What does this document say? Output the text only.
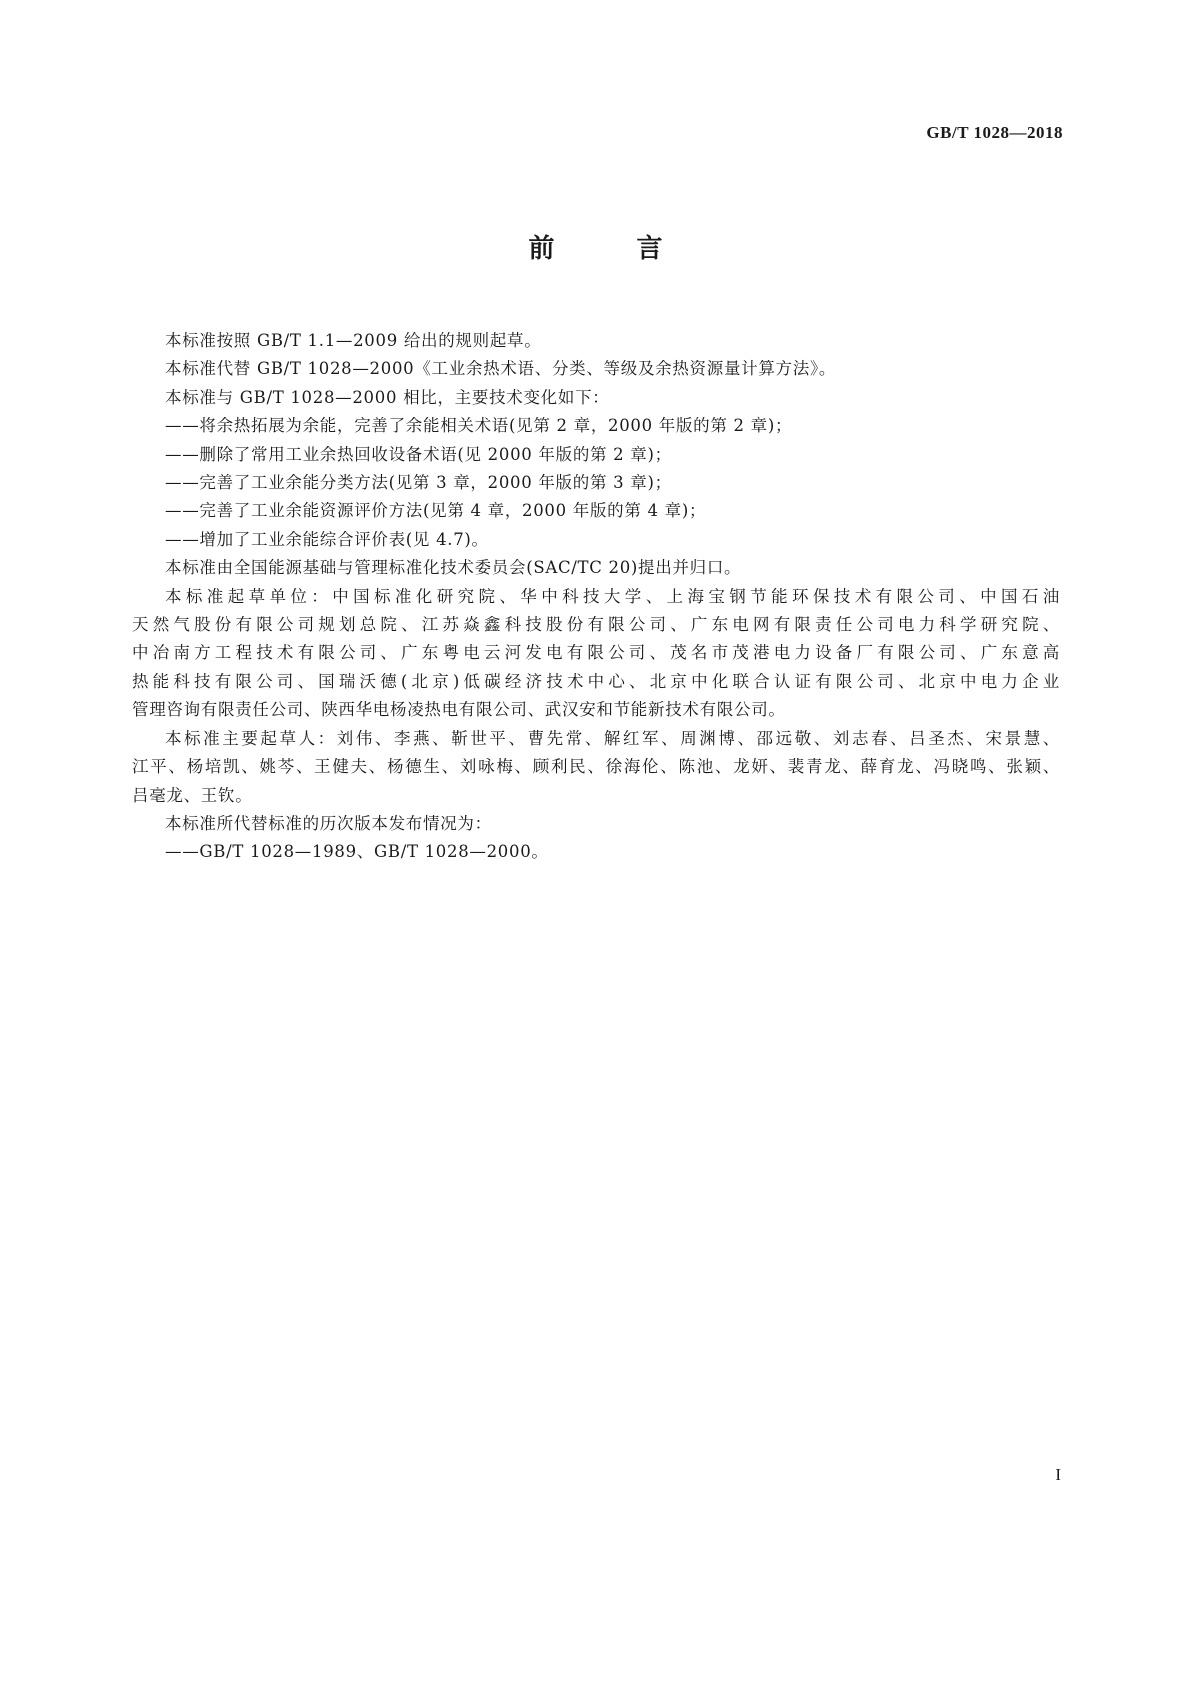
GB/T 1028—2018
前　言

本标准按照 GB/T 1.1—2009 给出的规则起草。

本标准代替 GB/T 1028—2000《工业余热术语、分类、等级及余热资源量计算方法》。

本标准与 GB/T 1028—2000 相比，主要技术变化如下：

——将余热拓展为余能，完善了余能相关术语(见第 2 章，2000 年版的第 2 章)；

——删除了常用工业余热回收设备术语(见 2000 年版的第 2 章)；

——完善了工业余能分类方法(见第 3 章，2000 年版的第 3 章)；

——完善了工业余能资源评价方法(见第 4 章，2000 年版的第 4 章)；

——增加了工业余能综合评价表(见 4.7)。

本标准由全国能源基础与管理标准化技术委员会(SAC/TC 20)提出并归口。

本标准起草单位：中国标准化研究院、华中科技大学、上海宝钢节能环保技术有限公司、中国石油
天然气股份有限公司规划总院、江苏焱鑫科技股份有限公司、广东电网有限责任公司电力科学研究院、
中冶南方工程技术有限公司、广东粤电云河发电有限公司、茂名市茂港电力设备厂有限公司、广东意高
热能科技有限公司、国瑞沃德(北京)低碳经济技术中心、北京中化联合认证有限公司、北京中电力企业
管理咨询有限责任公司、陕西华电杨凌热电有限公司、武汉安和节能新技术有限公司。

本标准主要起草人：刘伟、李燕、靳世平、曹先常、解红军、周渊博、邵远敬、刘志春、吕圣杰、宋景慧、
江平、杨培凯、姚芩、王健夫、杨德生、刘咏梅、顾利民、徐海伦、陈池、龙妍、裴青龙、薛育龙、冯晓鸣、张颖、
吕毫龙、王钦。

本标准所代替标准的历次版本发布情况为：

——GB/T 1028—1989、GB/T 1028—2000。

I
